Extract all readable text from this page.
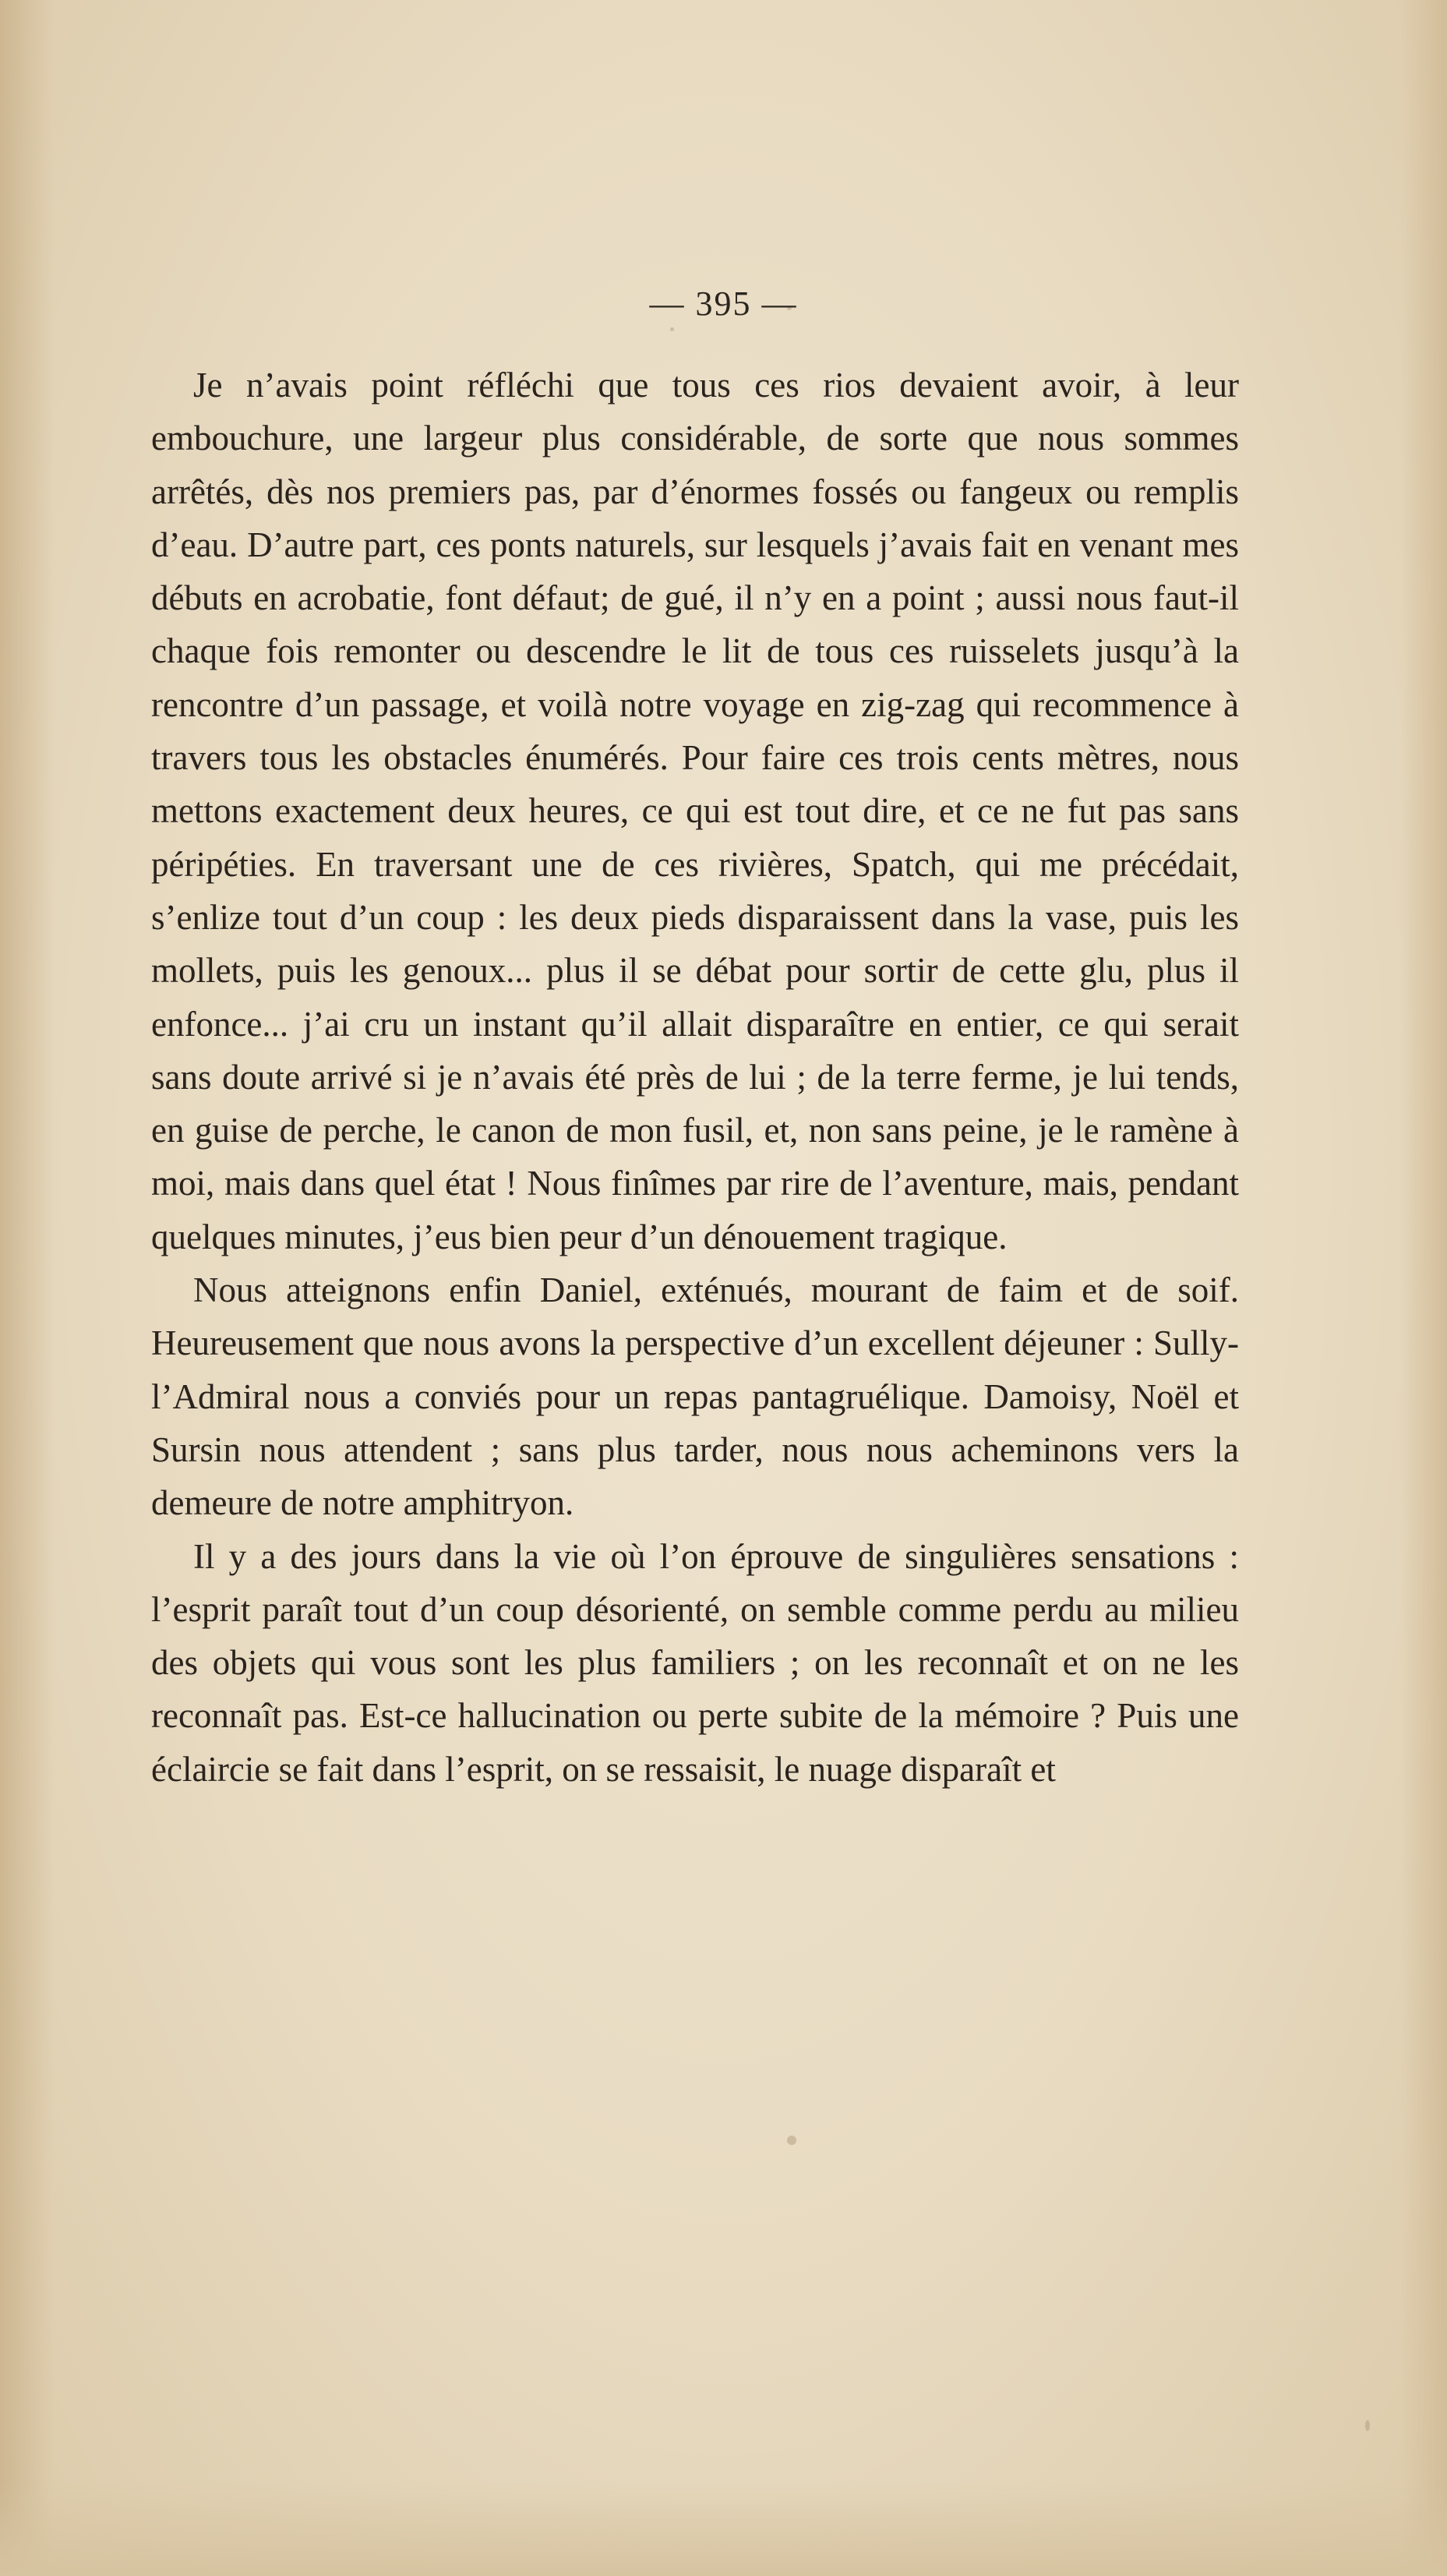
— 395 —

Je n’avais point réfléchi que tous ces rios devaient avoir, à leur embouchure, une largeur plus considérable, de sorte que nous sommes arrêtés, dès nos premiers pas, par d’énormes fossés ou fangeux ou remplis d’eau. D’autre part, ces ponts naturels, sur lesquels j’avais fait en venant mes débuts en acrobatie, font défaut; de gué, il n’y en a point ; aussi nous faut-il chaque fois remonter ou descendre le lit de tous ces ruisselets jusqu’à la rencontre d’un passage, et voilà notre voyage en zig-zag qui recommence à travers tous les obstacles énumérés. Pour faire ces trois cents mètres, nous mettons exactement deux heures, ce qui est tout dire, et ce ne fut pas sans péripéties. En traversant une de ces rivières, Spatch, qui me précédait, s’enlize tout d’un coup : les deux pieds disparaissent dans la vase, puis les mollets, puis les genoux... plus il se débat pour sortir de cette glu, plus il enfonce... j’ai cru un instant qu’il allait disparaître en entier, ce qui serait sans doute arrivé si je n’avais été près de lui ; de la terre ferme, je lui tends, en guise de perche, le canon de mon fusil, et, non sans peine, je le ramène à moi, mais dans quel état ! Nous finîmes par rire de l’aventure, mais, pendant quelques minutes, j’eus bien peur d’un dénouement tragique.

Nous atteignons enfin Daniel, exténués, mourant de faim et de soif. Heureusement que nous avons la perspective d’un excellent déjeuner : Sully-l’Admiral nous a conviés pour un repas pantagruélique. Damoisy, Noël et Sursin nous attendent ; sans plus tarder, nous nous acheminons vers la demeure de notre amphitryon.

Il y a des jours dans la vie où l’on éprouve de singulières sensations : l’esprit paraît tout d’un coup désorienté, on semble comme perdu au milieu des objets qui vous sont les plus familiers ; on les reconnaît et on ne les reconnaît pas. Est-ce hallucination ou perte subite de la mémoire ? Puis une éclaircie se fait dans l’esprit, on se ressaisit, le nuage disparaît et
